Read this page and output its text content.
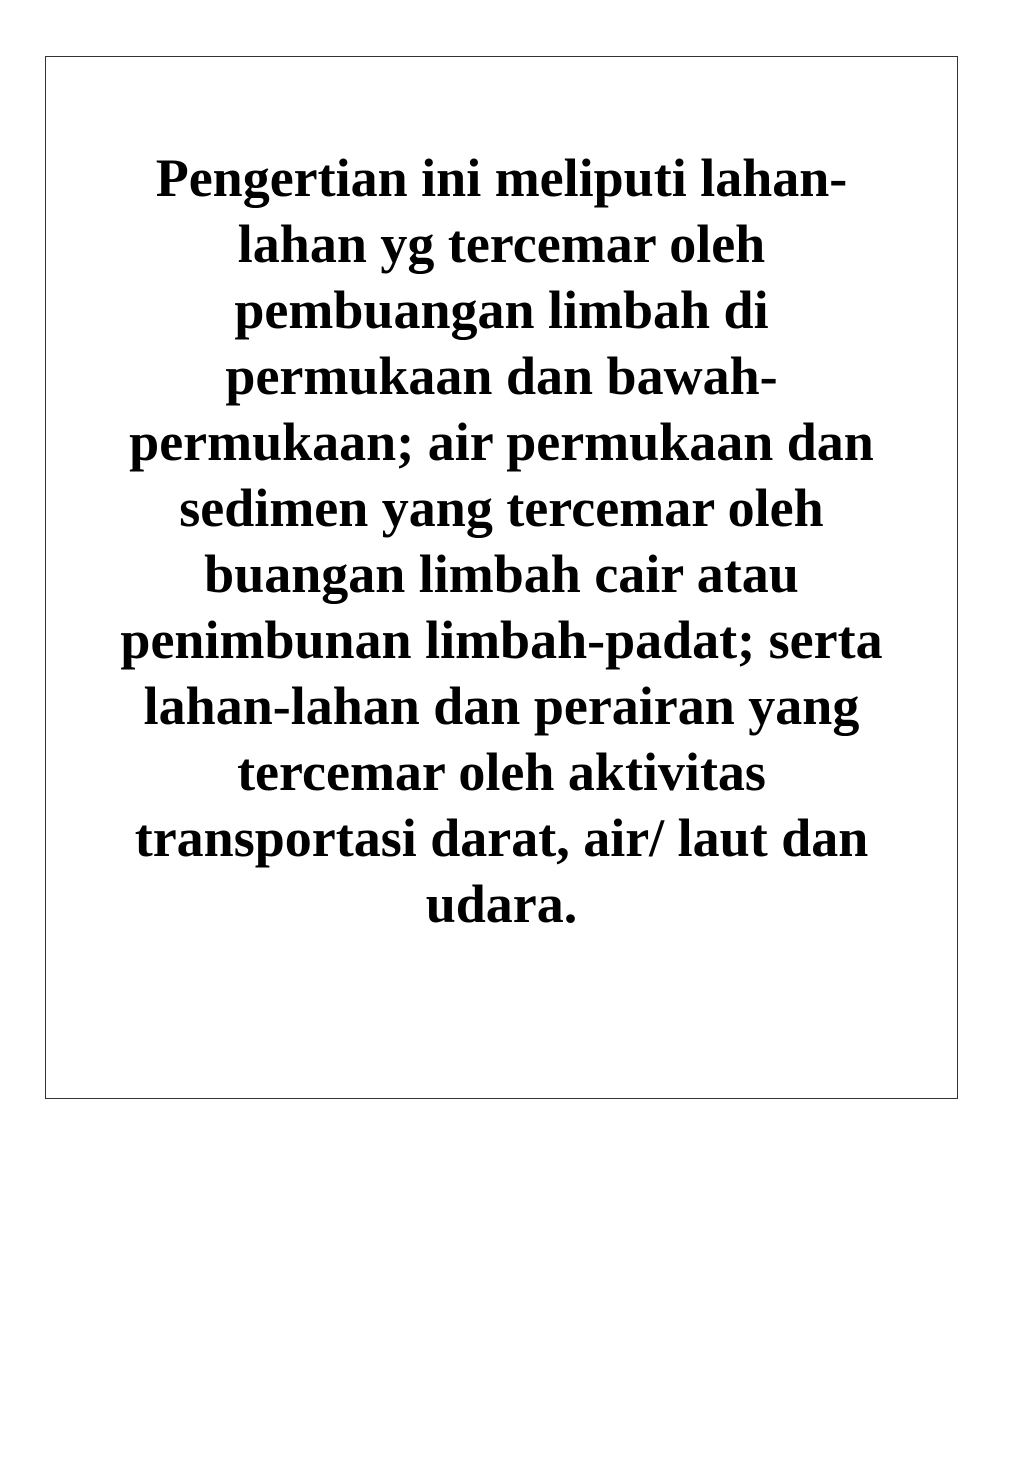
Pengertian ini meliputi lahan-
lahan yg tercemar oleh
pembuangan limbah di
permukaan dan bawah-
permukaan; air permukaan dan
sedimen yang tercemar oleh
buangan limbah cair atau
penimbunan limbah-padat; serta
lahan-lahan dan perairan yang
tercemar oleh aktivitas
transportasi darat, air/ laut dan
udara.
